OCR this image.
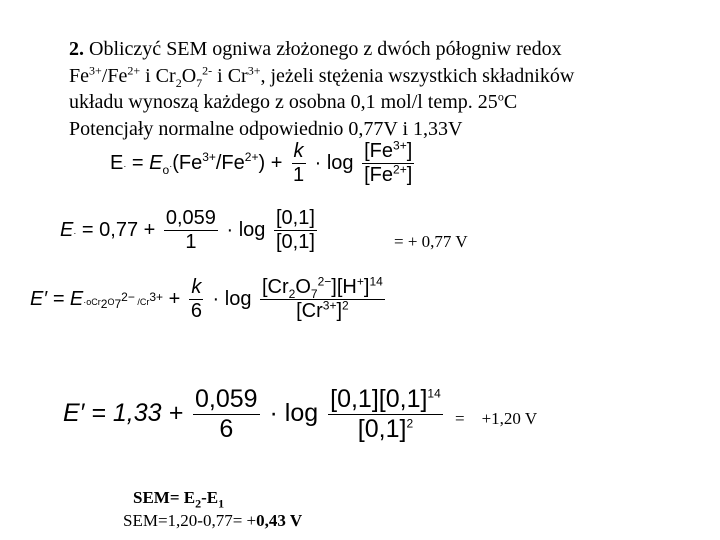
2. Obliczyć SEM ogniwa złożonego z dwóch półogniw redox
$Fe^{3+}/Fe^{2+}$ i $Cr_2O_7^{2-}$ i $Cr^{3+}$, jeżeli stężenia wszystkich składników
układu wynoszą każdego z osobna 0,1 mol/l temp. 25$^o$C
Potencjały normalne odpowiednio 0,77V i 1,33V
$E\cdot = E_o\cdot(Fe^{3+}/Fe^{2+}) + \frac{k}{1} \cdot \log \frac{[Fe^{3+}]}{[Fe^{2+}]}$
$E\cdot = 0,77 + \frac{0,059}{1} \cdot \log \frac{[0,1]}{[0,1]}$	= + 0,77 V
$E' = E\cdot oCr_2O_7^{2-}$ $/Cr^{3+} + \frac{k}{6} \cdot \log \frac{[Cr_2O_7^{2-}][H^+]^{14}}{[Cr^{3+}]^2}$
$E' = 1,33 + \frac{0,059}{6} \cdot \log \frac{[0,1][0,1]^{14}}{[0,1]^2} = +1,20$ V
$SEM= E_2-E_1$
SEM=1,20-0,77= +0,43 V
